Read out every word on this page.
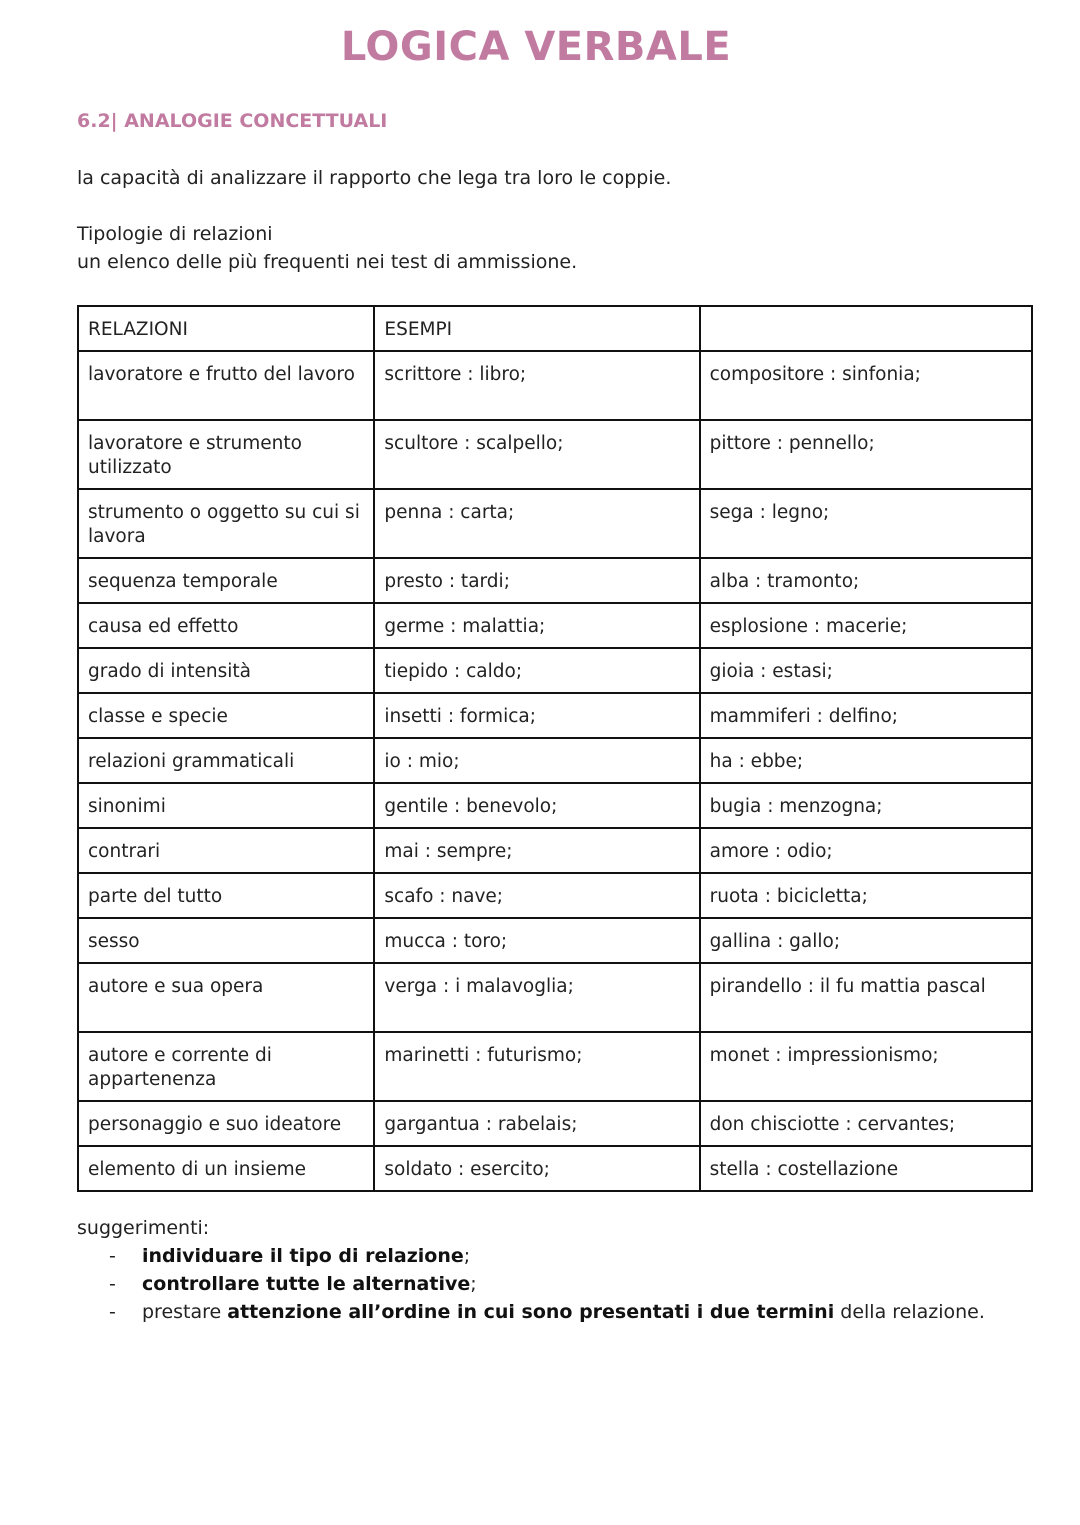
LOGICA VERBALE
6.2| ANALOGIE CONCETTUALI
la capacità di analizzare il rapporto che lega tra loro le coppie.
Tipologie di relazioni
un elenco delle più frequenti nei test di ammissione.
RELAZIONI	ESEMPI	
lavoratore e frutto del lavoro	scrittore : libro;	compositore : sinfonia;
lavoratore e strumento utilizzato	scultore : scalpello;	pittore : pennello;
strumento o oggetto su cui si lavora	penna : carta;	sega : legno;
sequenza temporale	presto : tardi;	alba : tramonto;
causa ed effetto	germe : malattia;	esplosione : macerie;
grado di intensità	tiepido : caldo;	gioia : estasi;
classe e specie	insetti : formica;	mammiferi : delfino;
relazioni grammaticali	io : mio;	ha : ebbe;
sinonimi	gentile : benevolo;	bugia : menzogna;
contrari	mai : sempre;	amore : odio;
parte del tutto	scafo : nave;	ruota : bicicletta;
sesso	mucca : toro;	gallina : gallo;
autore e sua opera	verga : i malavoglia;	pirandello : il fu mattia pascal
autore e corrente di appartenenza	marinetti : futurismo;	monet : impressionismo;
personaggio e suo ideatore	gargantua : rabelais;	don chisciotte : cervantes;
elemento di un insieme	soldato : esercito;	stella : costellazione
suggerimenti:
- individuare il tipo di relazione;
- controllare tutte le alternative;
- prestare attenzione all’ordine in cui sono presentati i due termini della relazione.
